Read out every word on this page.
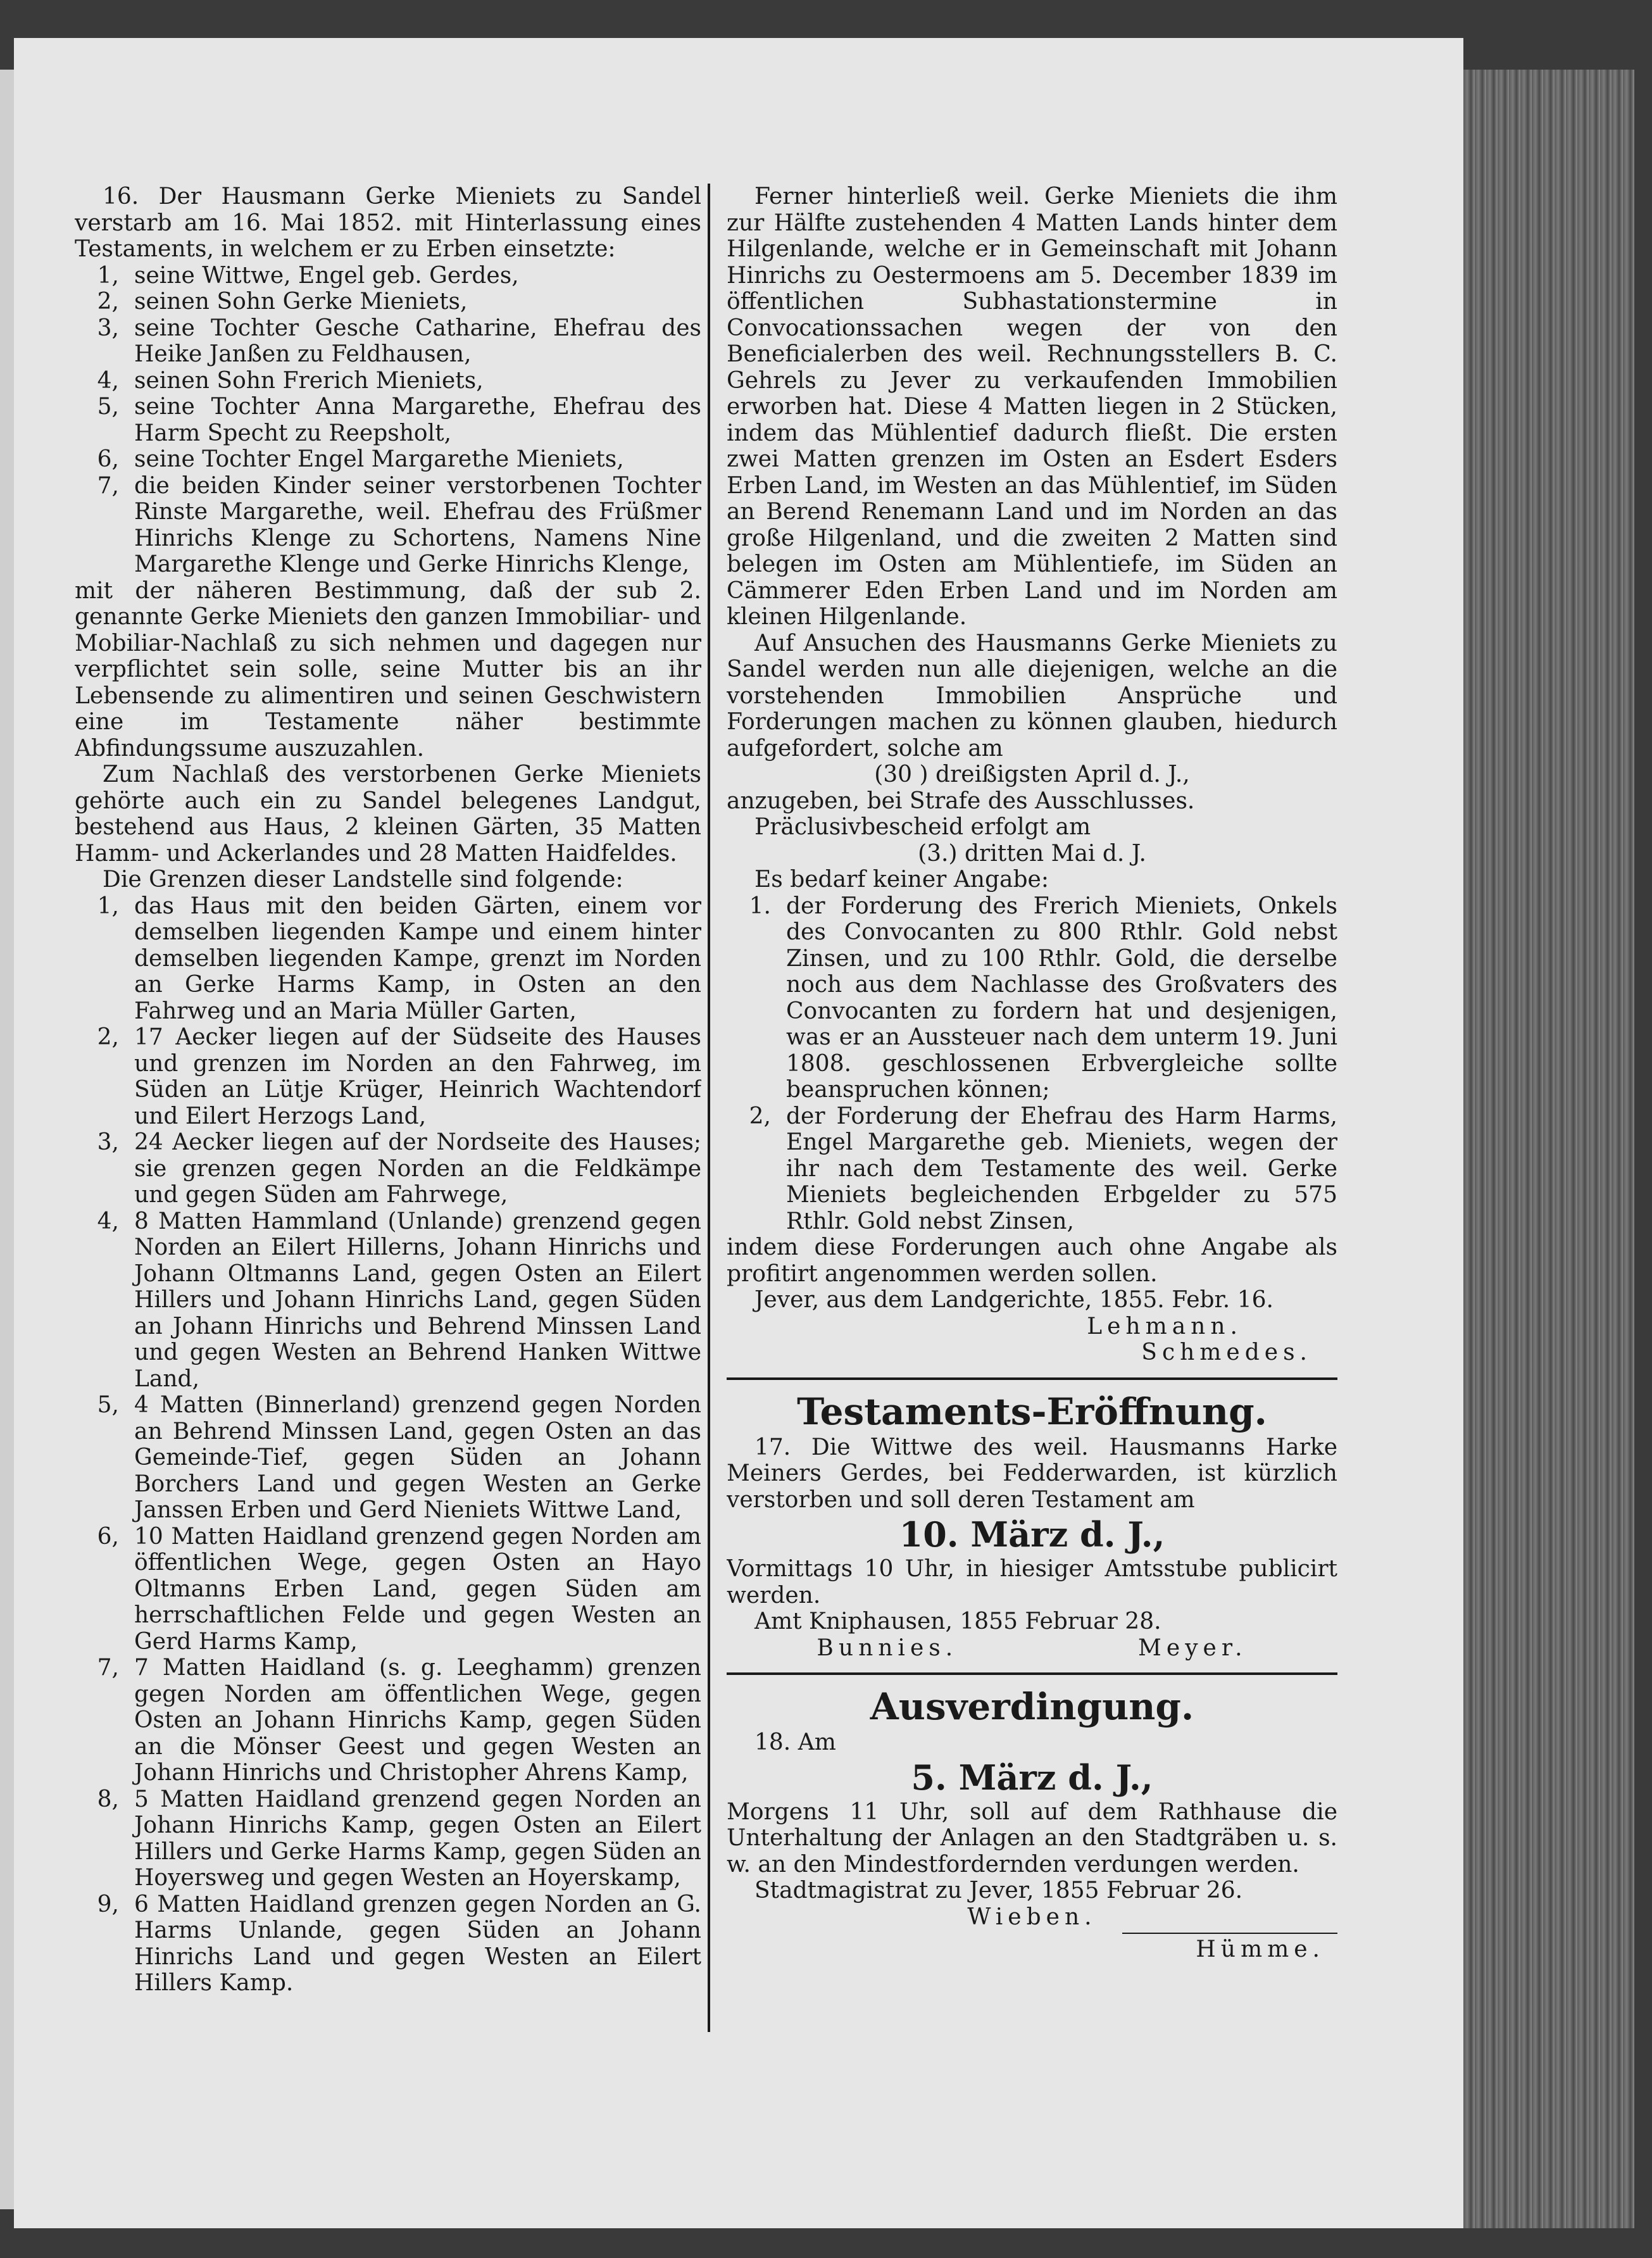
16. Der Hausmann Gerke Mieniets zu Sandel verstarb am 16. Mai 1852. mit Hinterlassung eines Testaments, in welchem er zu Erben einsetzte:

1, seine Wittwe, Engel geb. Gerdes,
2, seinen Sohn Gerke Mieniets,
3, seine Tochter Gesche Catharine, Ehefrau des Heike Janßen zu Feldhausen,
4, seinen Sohn Frerich Mieniets,
5, seine Tochter Anna Margarethe, Ehefrau des Harm Specht zu Reepsholt,
6, seine Tochter Engel Margarethe Mieniets,
7, die beiden Kinder seiner verstorbenen Tochter Rinste Margarethe, weil. Ehefrau des Früßmer Hinrichs Klenge zu Schortens, Namens Nine Margarethe Klenge und Gerke Hinrichs Klenge,

mit der näheren Bestimmung, daß der sub 2. genannte Gerke Mieniets den ganzen Immobiliar- und Mobiliar-Nachlaß zu sich nehmen und dagegen nur verpflichtet sein solle, seine Mutter bis an ihr Lebensende zu alimentiren und seinen Geschwistern eine im Testamente näher bestimmte Abfindungssume auszuzahlen.

Zum Nachlaß des verstorbenen Gerke Mieniets gehörte auch ein zu Sandel belegenes Landgut, bestehend aus Haus, 2 kleinen Gärten, 35 Matten Hamm- und Ackerlandes und 28 Matten Haidfeldes.

Die Grenzen dieser Landstelle sind folgende:

1, das Haus mit den beiden Gärten, einem vor demselben liegenden Kampe und einem hinter demselben liegenden Kampe, grenzt im Norden an Gerke Harms Kamp, in Osten an den Fahrweg und an Maria Müller Garten,
2, 17 Aecker liegen auf der Südseite des Hauses und grenzen im Norden an den Fahrweg, im Süden an Lütje Krüger, Heinrich Wachtendorf und Eilert Herzogs Land,
3, 24 Aecker liegen auf der Nordseite des Hauses; sie grenzen gegen Norden an die Feldkämpe und gegen Süden am Fahrwege,
4, 8 Matten Hammland (Unlande) grenzend gegen Norden an Eilert Hillerns, Johann Hinrichs und Johann Oltmanns Land, gegen Osten an Eilert Hillers und Johann Hinrichs Land, gegen Süden an Johann Hinrichs und Behrend Minssen Land und gegen Westen an Behrend Hanken Wittwe Land,
5, 4 Matten (Binnerland) grenzend gegen Norden an Behrend Minssen Land, gegen Osten an das Gemeinde-Tief, gegen Süden an Johann Borchers Land und gegen Westen an Gerke Janssen Erben und Gerd Nieniets Wittwe Land,
6, 10 Matten Haidland grenzend gegen Norden am öffentlichen Wege, gegen Osten an Hayo Oltmanns Erben Land, gegen Süden am herrschaftlichen Felde und gegen Westen an Gerd Harms Kamp,
7, 7 Matten Haidland (s. g. Leeghamm) grenzen gegen Norden am öffentlichen Wege, gegen Osten an Johann Hinrichs Kamp, gegen Süden an die Mönser Geest und gegen Westen an Johann Hinrichs und Christopher Ahrens Kamp,
8, 5 Matten Haidland grenzend gegen Norden an Johann Hinrichs Kamp, gegen Osten an Eilert Hillers und Gerke Harms Kamp, gegen Süden an Hoyersweg und gegen Westen an Hoyerskamp,
9, 6 Matten Haidland grenzen gegen Norden an G. Harms Unlande, gegen Süden an Johann Hinrichs Land und gegen Westen an Eilert Hillers Kamp.

Ferner hinterließ weil. Gerke Mieniets die ihm zur Hälfte zustehenden 4 Matten Lands hinter dem Hilgenlande, welche er in Gemeinschaft mit Johann Hinrichs zu Oestermoens am 5. December 1839 im öffentlichen Subhastationstermine in Convocationssachen wegen der von den Beneficialerben des weil. Rechnungsstellers B. C. Gehrels zu Jever zu verkaufenden Immobilien erworben hat. Diese 4 Matten liegen in 2 Stücken, indem das Mühlentief dadurch fließt. Die ersten zwei Matten grenzen im Osten an Esdert Esders Erben Land, im Westen an das Mühlentief, im Süden an Berend Renemann Land und im Norden an das große Hilgenland, und die zweiten 2 Matten sind belegen im Osten am Mühlentiefe, im Süden an Cämmerer Eden Erben Land und im Norden am kleinen Hilgenlande.

Auf Ansuchen des Hausmanns Gerke Mieniets zu Sandel werden nun alle diejenigen, welche an die vorstehenden Immobilien Ansprüche und Forderungen machen zu können glauben, hiedurch aufgefordert, solche am

(30 ) dreißigsten April d. J.,

anzugeben, bei Strafe des Ausschlusses.

Präclusivbescheid erfolgt am

(3.) dritten Mai d. J.

Es bedarf keiner Angabe:

1. der Forderung des Frerich Mieniets, Onkels des Convocanten zu 800 Rthlr. Gold nebst Zinsen, und zu 100 Rthlr. Gold, die derselbe noch aus dem Nachlasse des Großvaters des Convocanten zu fordern hat und desjenigen, was er an Aussteuer nach dem unterm 19. Juni 1808. geschlossenen Erbvergleiche sollte beanspruchen können;
2, der Forderung der Ehefrau des Harm Harms, Engel Margarethe geb. Mieniets, wegen der ihr nach dem Testamente des weil. Gerke Mieniets begleichenden Erbgelder zu 575 Rthlr. Gold nebst Zinsen,

indem diese Forderungen auch ohne Angabe als profitirt angenommen werden sollen.

Jever, aus dem Landgerichte, 1855. Febr. 16.

Lehmann.

Schmedes.

Testaments-Eröffnung.

17. Die Wittwe des weil. Hausmanns Harke Meiners Gerdes, bei Fedderwarden, ist kürzlich verstorben und soll deren Testament am

10. März d. J.,

Vormittags 10 Uhr, in hiesiger Amtsstube publicirt werden.

Amt Kniphausen, 1855 Februar 28.

Bunnies.	Meyer.

Ausverdingung.

18. Am

5. März d. J.,

Morgens 11 Uhr, soll auf dem Rathhause die Unterhaltung der Anlagen an den Stadtgräben u. s. w. an den Mindestfordernden verdungen werden.

Stadtmagistrat zu Jever, 1855 Februar 26.

Wieben.

Hümme.
